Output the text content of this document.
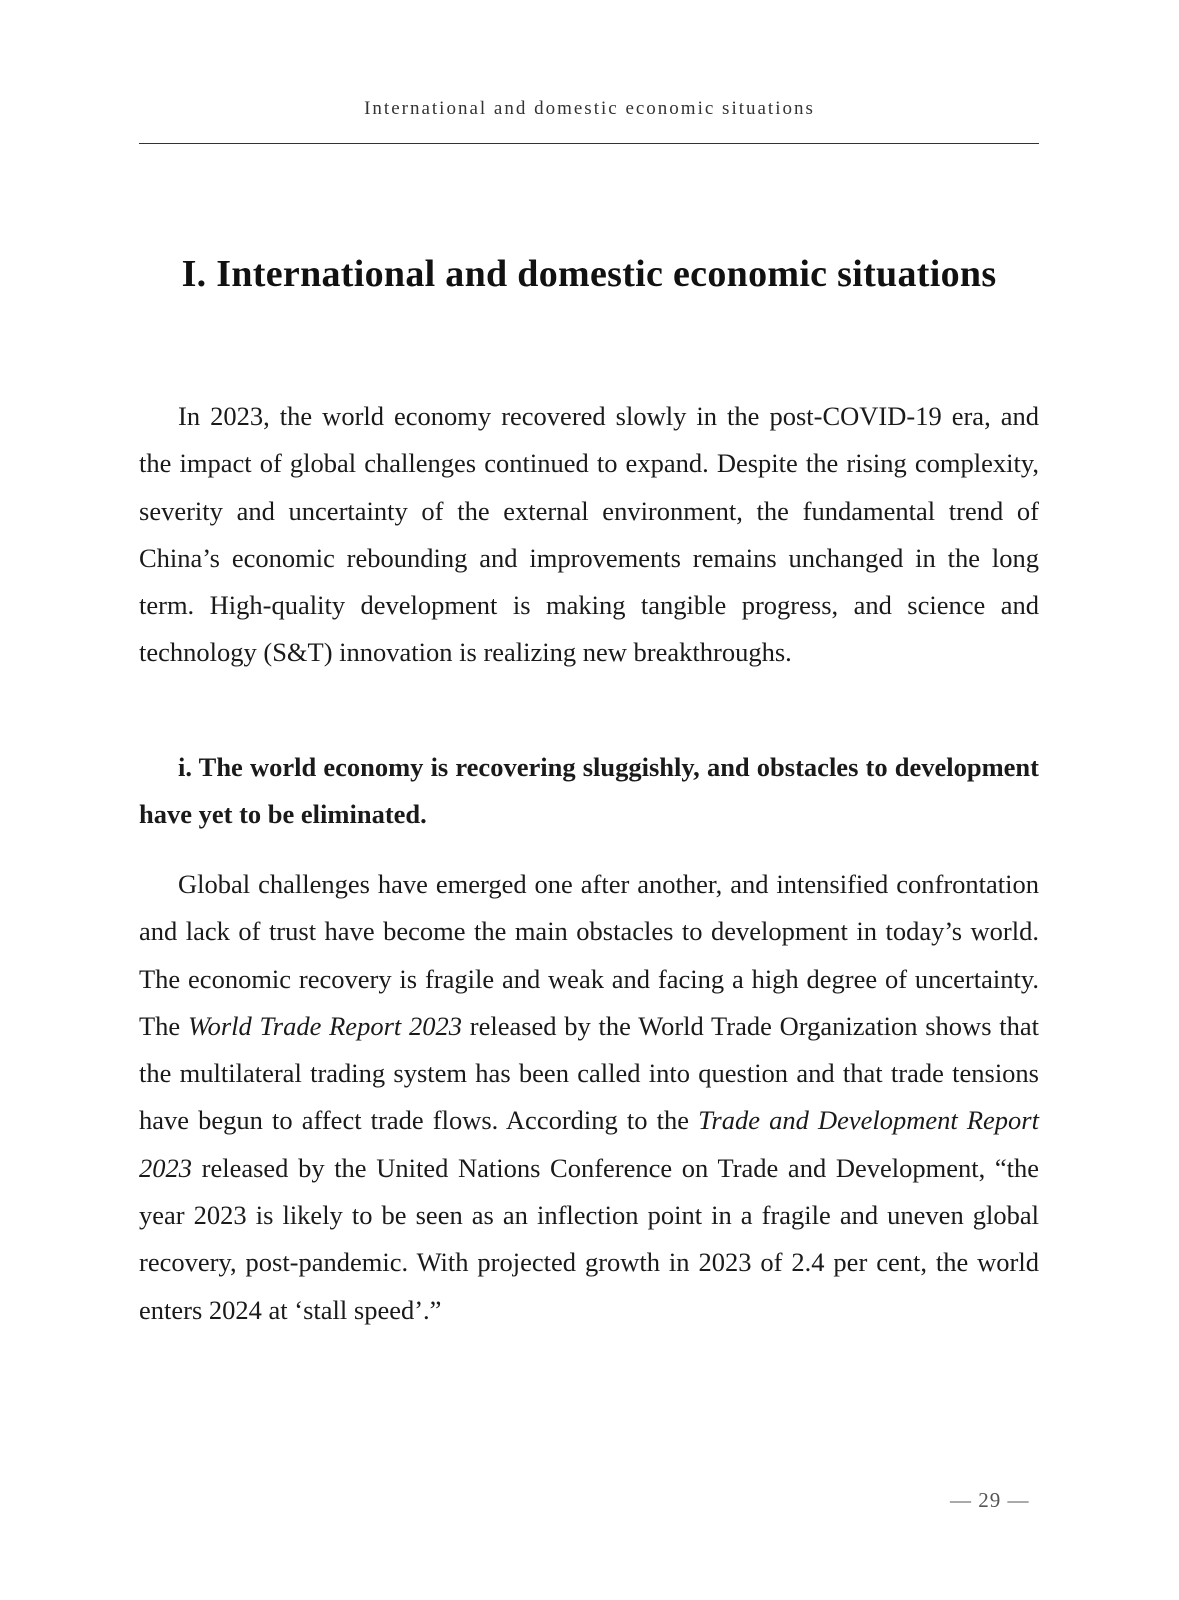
International and domestic economic situations
I. International and domestic economic situations

In 2023, the world economy recovered slowly in the post-COVID-19 era, and the impact of global challenges continued to expand. Despite the rising complexity, severity and uncertainty of the external environment, the fundamental trend of China’s economic rebounding and improvements remains unchanged in the long term. High-quality development is making tangible progress, and science and technology (S&T) innovation is realizing new breakthroughs.

i. The world economy is recovering sluggishly, and obstacles to development have yet to be eliminated.

Global challenges have emerged one after another, and intensified confrontation and lack of trust have become the main obstacles to development in today’s world. The economic recovery is fragile and weak and facing a high degree of uncertainty. The World Trade Report 2023 released by the World Trade Organization shows that the multilateral trading system has been called into question and that trade tensions have begun to affect trade flows. According to the Trade and Development Report 2023 released by the United Nations Conference on Trade and Development, “the year 2023 is likely to be seen as an inflection point in a fragile and uneven global recovery, post-pandemic. With projected growth in 2023 of 2.4 per cent, the world enters 2024 at ‘stall speed’.”

— 29 —
